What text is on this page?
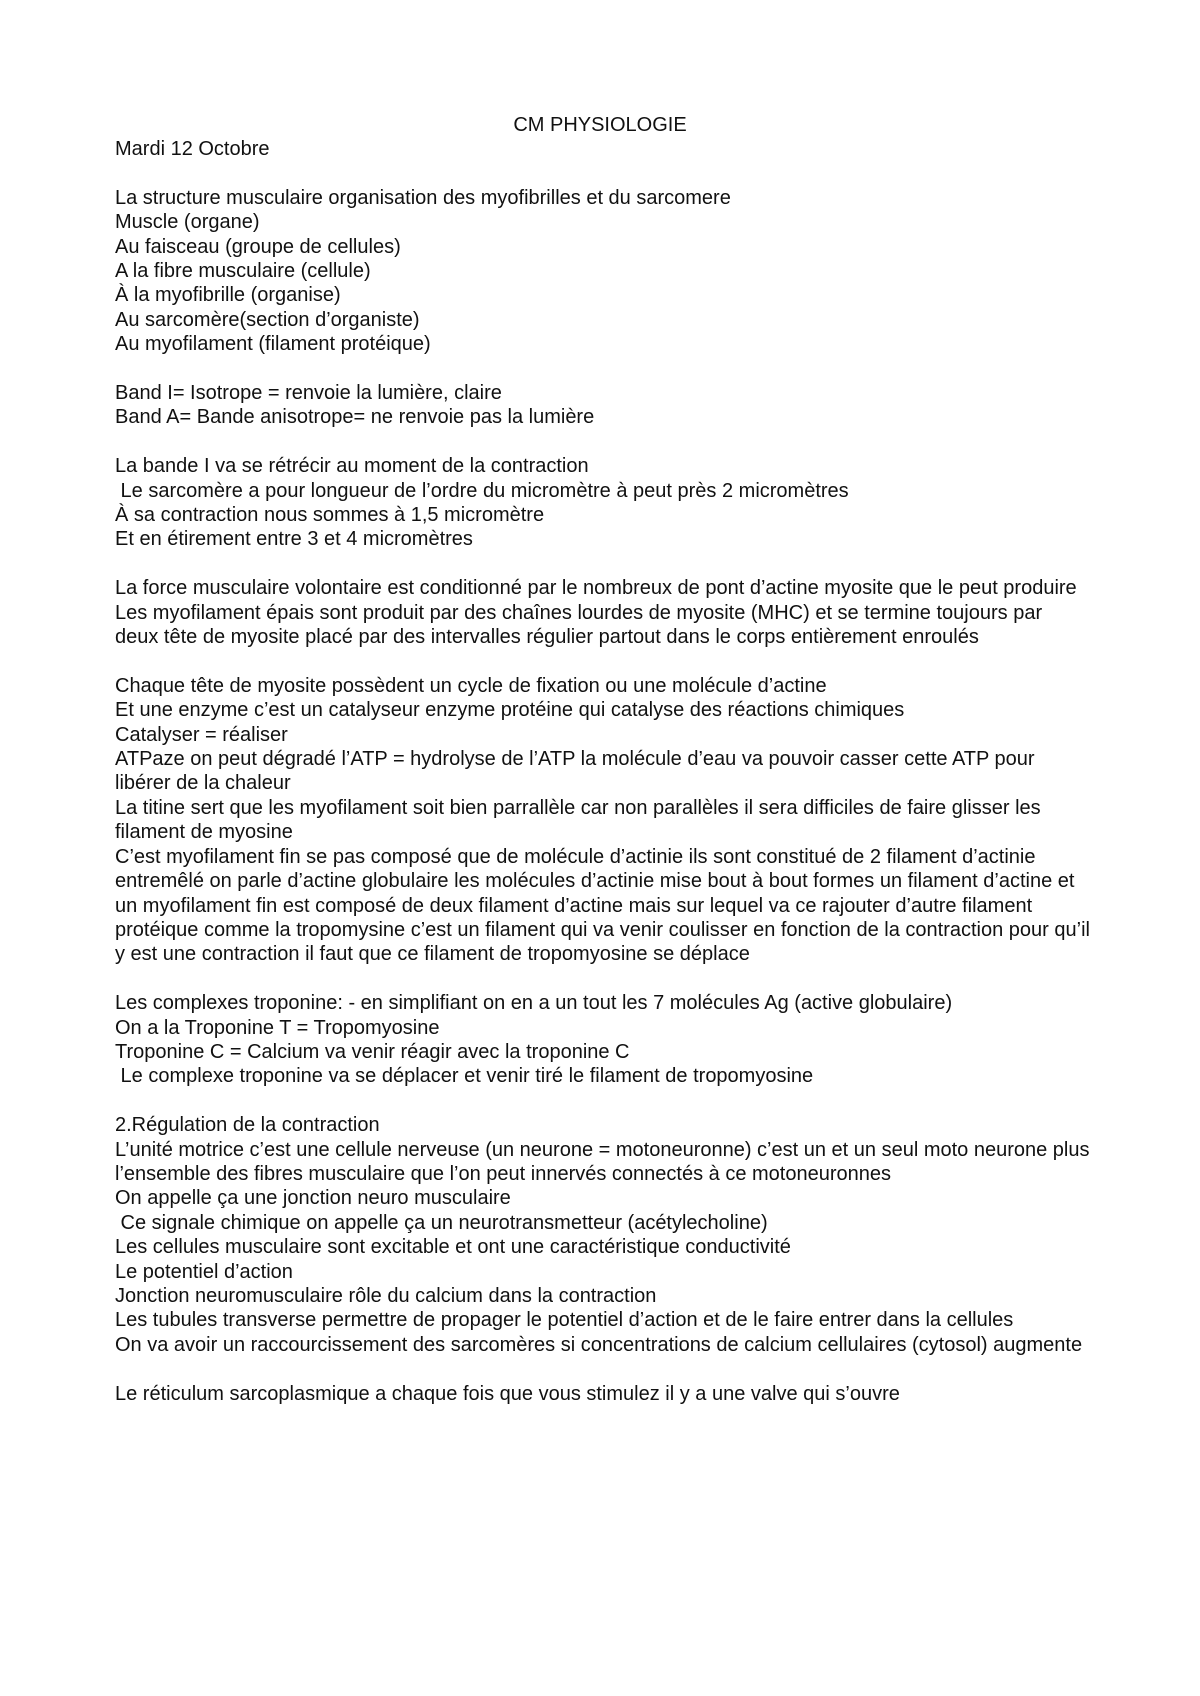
CM PHYSIOLOGIE
Mardi 12 Octobre
La structure musculaire organisation des myofibrilles et du sarcomere
Muscle (organe)
Au faisceau (groupe de cellules)
A la fibre musculaire (cellule)
À la myofibrille (organise)
Au sarcomère(section d’organiste)
Au myofilament (filament protéique)
Band I= Isotrope = renvoie la lumière, claire
Band A= Bande anisotrope= ne renvoie pas la lumière
La bande I va se rétrécir au moment de la contraction
Le sarcomère a pour longueur de l’ordre du micromètre à peut près 2 micromètres
À sa contraction nous sommes à 1,5 micromètre
Et en étirement entre 3 et 4 micromètres
La force musculaire volontaire est conditionné par le nombreux de pont d’actine myosite que le peut produire
Les myofilament épais sont produit par des chaînes lourdes de myosite (MHC) et se termine toujours par deux tête de myosite placé par des intervalles régulier partout dans le corps entièrement enroulés
Chaque tête de myosite possèdent un cycle de fixation ou une molécule d’actine
Et une enzyme c’est un catalyseur enzyme protéine qui catalyse des réactions chimiques
Catalyser = réaliser
ATPaze on peut dégradé l’ATP = hydrolyse de l’ATP la molécule d’eau va pouvoir casser cette ATP pour libérer de la chaleur
La titine sert que les myofilament soit bien parrallèle car non parallèles il sera difficiles de faire glisser les filament de myosine
C’est myofilament fin se pas composé que de molécule d’actinie ils sont constitué de 2 filament d’actinie entremêlé on parle d’actine globulaire les molécules d’actinie mise bout à bout formes un filament d’actine et un myofilament fin est composé de deux filament d’actine mais sur lequel va ce rajouter d’autre filament protéique comme la tropomysine c’est un filament qui va venir coulisser en fonction de la contraction pour qu’il y est une contraction il faut que ce filament de tropomyosine se déplace
Les complexes troponine: - en simplifiant on en a un tout les 7 molécules Ag (active globulaire)
On a la Troponine T = Tropomyosine
Troponine C = Calcium va venir réagir avec la troponine C
Le complexe troponine va se déplacer et venir tiré le filament de tropomyosine
2.Régulation de la contraction
L’unité motrice c’est une cellule nerveuse (un neurone = motoneuronne) c’est un et un seul moto neurone plus l’ensemble des fibres musculaire que l’on peut innervés connectés à ce motoneuronnes
On appelle ça une jonction neuro musculaire
Ce signale chimique on appelle ça un neurotransmetteur (acétylecholine)
Les cellules musculaire sont excitable et ont une caractéristique conductivité
Le potentiel d’action
Jonction neuromusculaire rôle du calcium dans la contraction
Les tubules transverse permettre de propager le potentiel d’action et de le faire entrer dans la cellules
On va avoir un raccourcissement des sarcomères si concentrations de calcium cellulaires (cytosol) augmente
Le réticulum sarcoplasmique a chaque fois que vous stimulez il y a une valve qui s’ouvre
